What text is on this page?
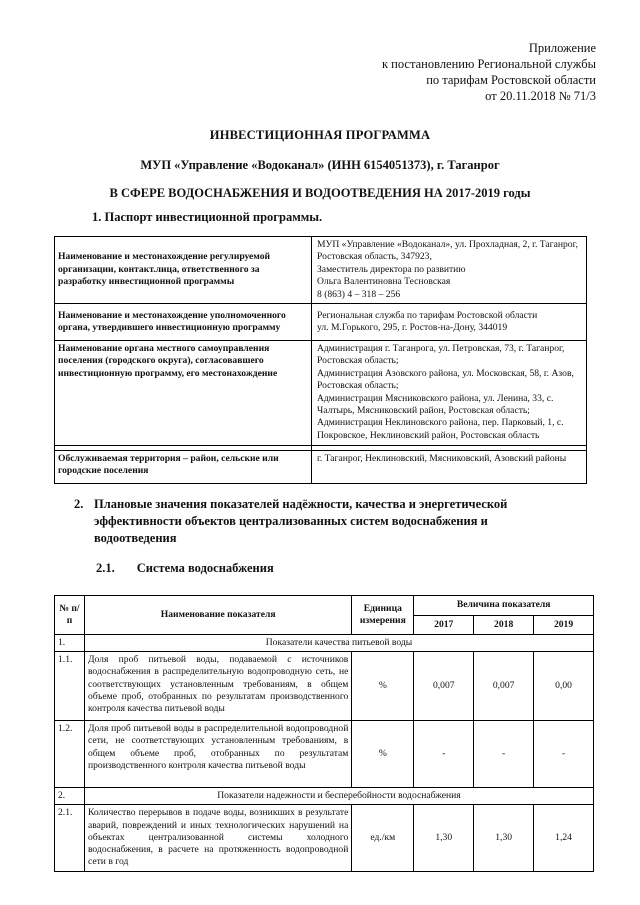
Приложение
к постановлению Региональной службы
по тарифам Ростовской области
от 20.11.2018 № 71/3
ИНВЕСТИЦИОННАЯ ПРОГРАММА
МУП «Управление «Водоканал» (ИНН 6154051373), г. Таганрог
В СФЕРЕ ВОДОСНАБЖЕНИЯ И ВОДООТВЕДЕНИЯ НА 2017-2019 годы
1. Паспорт инвестиционной программы.
Наименование и местонахождение регулируемой организации, контакт.лица, ответственного за разработку инвестиционной программы	МУП «Управление «Водоканал», ул. Прохладная, 2, г. Таганрог, Ростовская область, 347923,
Заместитель директора по развитию
Ольга Валентиновна Тесновская
8 (863) 4 – 318 – 256

Наименование и местонахождение уполномоченного органа, утвердившего инвестиционную программу	Региональная служба по тарифам Ростовской области
ул. М.Горького, 295, г. Ростов-на-Дону, 344019

Наименование органа местного самоуправления поселения (городского округа), согласовавшего инвестиционную программу, его местонахождение	Администрация г. Таганрога, ул. Петровская, 73, г. Таганрог, Ростовская область;
Администрация Азовского района, ул. Московская, 58, г. Азов, Ростовская область;
Администрация Мясниковского района, ул. Ленина, 33, с. Чалтырь, Мясниковский район, Ростовская область;
Администрация Неклиновского района, пер. Парковый, 1, с. Покровское, Неклиновский район, Ростовская область

Обслуживаемая территория – район, сельские или городские поселения	г. Таганрог, Неклиновский, Мясниковский, Азовский районы
2. Плановые значения показателей надёжности, качества и энергетической эффективности объектов централизованных систем водоснабжения и водоотведения
2.1. Система водоснабжения
№ п/п	Наименование показателя	Единица измерения	Величина показателя		
			2017	2018	2019
1.	Показатели качества питьевой воды				
1.1.	Доля проб питьевой воды, подаваемой с источников водоснабжения в распределительную водопроводную сеть, не соответствующих установленным требованиям, в общем объеме проб, отобранных по результатам производственного контроля качества питьевой воды	%	0,007	0,007	0,00
1.2.	Доля проб питьевой воды в распределительной водопроводной сети, не соответствующих установленным требованиям, в общем объеме проб, отобранных по результатам производственного контроля качества питьевой воды	%	-	-	-
2.	Показатели надежности и бесперебойности водоснабжения				
2.1.	Количество перерывов в подаче воды, возникших в результате аварий, повреждений и иных технологических нарушений на объектах централизованной системы холодного водоснабжения, в расчете на протяженность водопроводной сети в год	ед./км	1,30	1,30	1,24
